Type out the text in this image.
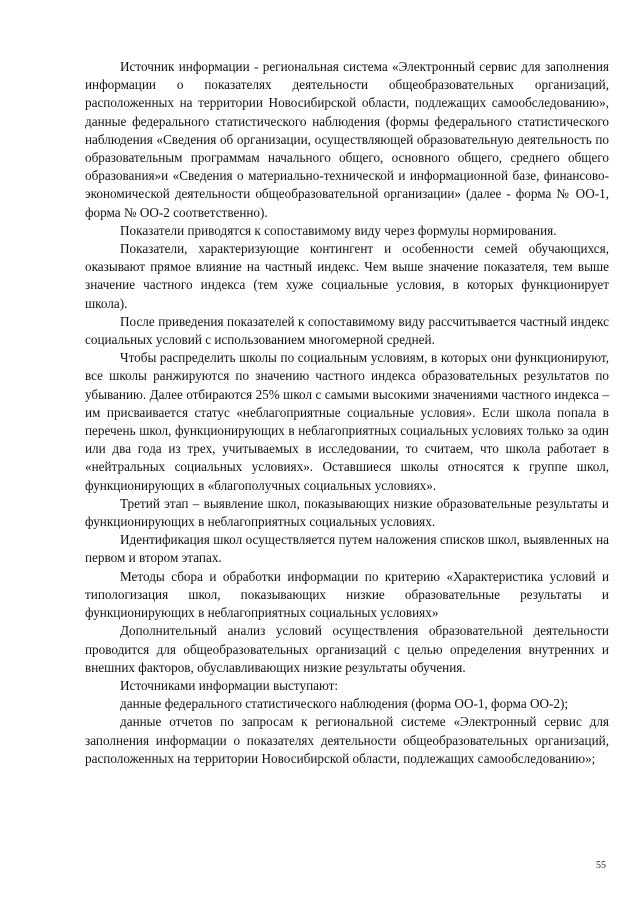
Источник информации - региональная система «Электронный сервис для заполнения информации о показателях деятельности общеобразовательных организаций, расположенных на территории Новосибирской области, подлежащих самообследованию», данные федерального статистического наблюдения (формы федерального статистического наблюдения «Сведения об организации, осуществляющей образовательную деятельность по образовательным программам начального общего, основного общего, среднего общего образования»и «Сведения о материально-технической и информационной базе, финансово-экономической деятельности общеобразовательной организации» (далее - форма № ОО-1, форма № ОО-2 соответственно).

Показатели приводятся к сопоставимому виду через формулы нормирования.

Показатели, характеризующие контингент и особенности семей обучающихся, оказывают прямое влияние на частный индекс. Чем выше значение показателя, тем выше значение частного индекса (тем хуже социальные условия, в которых функционирует школа).

После приведения показателей к сопоставимому виду рассчитывается частный индекс социальных условий с использованием многомерной средней.

Чтобы распределить школы по социальным условиям, в которых они функционируют, все школы ранжируются по значению частного индекса образовательных результатов по убыванию. Далее отбираются 25% школ с самыми высокими значениями частного индекса – им присваивается статус «неблагоприятные социальные условия». Если школа попала в перечень школ, функционирующих в неблагоприятных социальных условиях только за один или два года из трех, учитываемых в исследовании, то считаем, что школа работает в «нейтральных социальных условиях». Оставшиеся школы относятся к группе школ, функционирующих в «благополучных социальных условиях».

Третий этап – выявление школ, показывающих низкие образовательные результаты и функционирующих в неблагоприятных социальных условиях.

Идентификация школ осуществляется путем наложения списков школ, выявленных на первом и втором этапах.

Методы сбора и обработки информации по критерию «Характеристика условий и типологизация школ, показывающих низкие образовательные результаты и функционирующих в неблагоприятных социальных условиях»

Дополнительный анализ условий осуществления образовательной деятельности проводится для общеобразовательных организаций с целью определения внутренних и внешних факторов, обуславливающих низкие результаты обучения.

Источниками информации выступают:

данные федерального статистического наблюдения (форма ОО-1, форма ОО-2);

данные отчетов по запросам к региональной системе «Электронный сервис для заполнения информации о показателях деятельности общеобразовательных организаций, расположенных на территории Новосибирской области, подлежащих самообследованию»;

55
